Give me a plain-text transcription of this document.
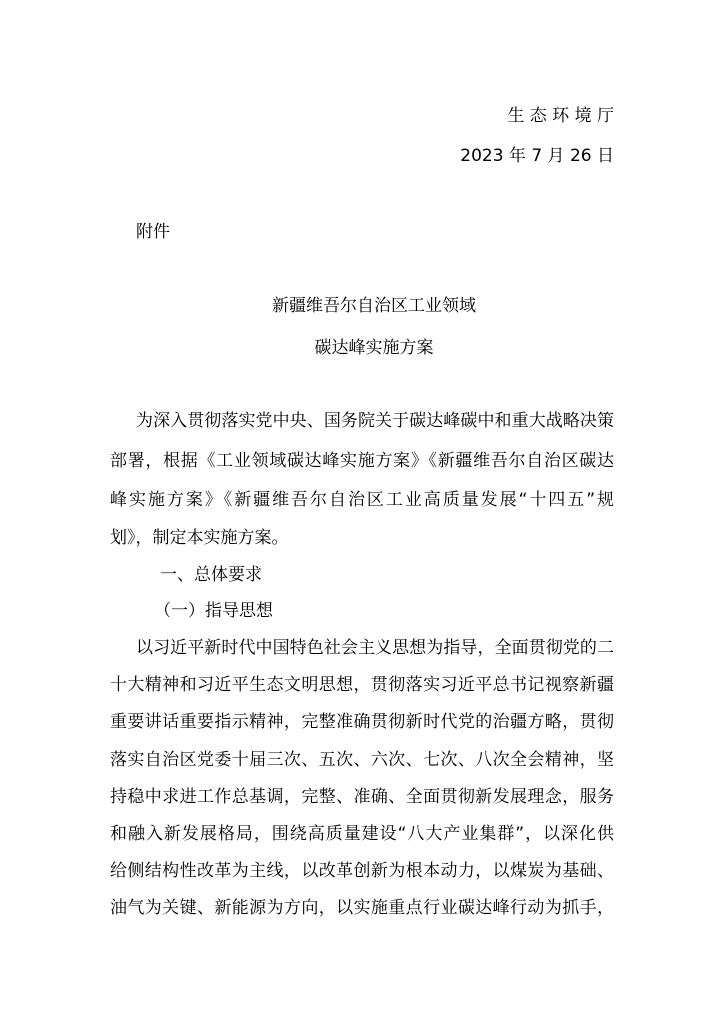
生 态 环 境 厅
2023 年 7 月 26 日
附件
新疆维吾尔自治区工业领域
碳达峰实施方案
为深入贯彻落实党中央、国务院关于碳达峰碳中和重大战略决策
部署，根据《工业领域碳达峰实施方案》《新疆维吾尔自治区碳达
峰实施方案》《新疆维吾尔自治区工业高质量发展“十四五”规
划》，制定本实施方案。
一、总体要求
（一）指导思想
以习近平新时代中国特色社会主义思想为指导，全面贯彻党的二
十大精神和习近平生态文明思想，贯彻落实习近平总书记视察新疆
重要讲话重要指示精神，完整准确贯彻新时代党的治疆方略，贯彻
落实自治区党委十届三次、五次、六次、七次、八次全会精神，坚
持稳中求进工作总基调，完整、准确、全面贯彻新发展理念，服务
和融入新发展格局，围绕高质量建设“八大产业集群”，以深化供
给侧结构性改革为主线，以改革创新为根本动力，以煤炭为基础、
油气为关键、新能源为方向，以实施重点行业碳达峰行动为抓手，
